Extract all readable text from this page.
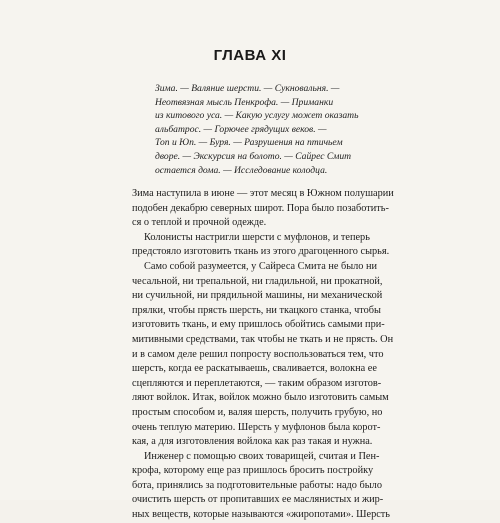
ГЛАВА XI
Зима. — Валяние шерсти. — Сукновальня. —
Неотвязная мысль Пенкрофа. — Приманки
из китового уса. — Какую услугу может оказать
альбатрос. — Горючее грядущих веков. —
Топ и Юп. — Буря. — Разрушения на птичьем
дворе. — Экскурсия на болото. — Сайрес Смит
остается дома. — Исследование колодца.
Зима наступила в июне — этот месяц в Южном полушарии
подобен декабрю северных широт. Пора было позаботить-
ся о теплой и прочной одежде.
Колонисты настригли шерсти с муфлонов, и теперь
предстояло изготовить ткань из этого драгоценного сырья.
Само собой разумеется, у Сайреса Смита не было ни
чесальной, ни трепальной, ни гладильной, ни прокатной,
ни сучильной, ни прядильной машины, ни механической
прялки, чтобы прясть шерсть, ни ткацкого станка, чтобы
изготовить ткань, и ему пришлось обойтись самыми при-
митивными средствами, так чтобы не ткать и не прясть. Он
и в самом деле решил попросту воспользоваться тем, что
шерсть, когда ее раскатываешь, сваливается, волокна ее
сцепляются и переплетаются, — таким образом изготов-
ляют войлок. Итак, войлок можно было изготовить самым
простым способом и, валяя шерсть, получить грубую, но
очень теплую материю. Шерсть у муфлонов была корот-
кая, а для изготовления войлока как раз такая и нужна.
Инженер с помощью своих товарищей, считая и Пен-
крофа, которому еще раз пришлось бросить постройку
бота, принялись за подготовительные работы: надо было
очистить шерсть от пропитавших ее маслянистых и жир-
ных веществ, которые называются «жиропотами». Шерсть
